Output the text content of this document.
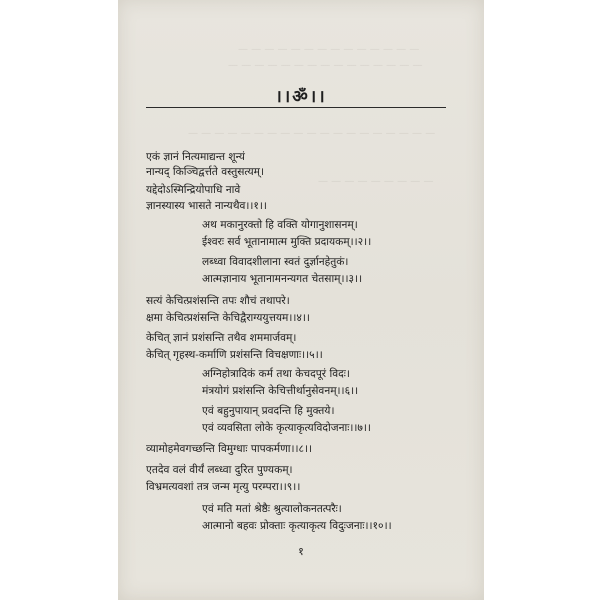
— — — — — — — — — — — — — —
— — — — — — — — — — — — — — —
— — — — — — — — — — — — — — — — — — —
— — — — — — — — —
।।ॐ।।
एकं ज्ञानं नित्यमाद्यन्त शून्यं
नान्यद् किञ्चिद्वर्त्तते वस्तुसत्यम्।
यद्देदोऽस्मिन्द्रियोपाधि नावे
ज्ञानस्यास्य भासते नान्यथैव।।१।।
अथ मकानुरक्तो हि वक्ति योगानुशासनम्।
ईश्वरः सर्व भूतानामात्म मुक्ति प्रदायकम्।।२।।
लब्ध्वा विवादशीलाना स्वतं दुर्ज्ञानहेतुकं।
आत्मज्ञानाय भूतानामनन्यगत चेतसाम्।।३।।
सत्यं केचित्प्रशंसन्ति तपः शौचं तथापरे।
क्षमा केचित्प्रशंसन्ति केचिद्वैराग्ययुत्तयम।।४।।
केचित् ज्ञानं प्रशंसन्ति तथैव शममार्जवम्।
केचित् गृहस्थ-कर्माणि प्रशंसन्ति विचक्षणाः।।५।।
अग्निहोत्रादिकं कर्म तथा केचदपूरं विदः।
मंत्रयोगं प्रशंसन्ति केचित्तीर्थानुसेवनम्।।६।।
एवं बहुनुपायान् प्रवदन्ति हि मुक्तये।
एवं व्यवसिता लोके कृत्याकृत्यविदोजनाः।।७।।
व्यामोहमेवगच्छन्ति विमुग्धाः पापकर्मणा।।८।।
एतदेव वलं वीर्यं लब्ध्वा दुरित पुण्यकम्।
विभ्रमत्यवशां तत्र जन्म मृत्यु परम्परा।।९।।
एवं मति मतां श्रेष्ठैः श्रुत्यालोकनतत्परैः।
आत्मानो बहवः प्रोक्ताः कृत्याकृत्य विदुःजनाः।।१०।।
१
